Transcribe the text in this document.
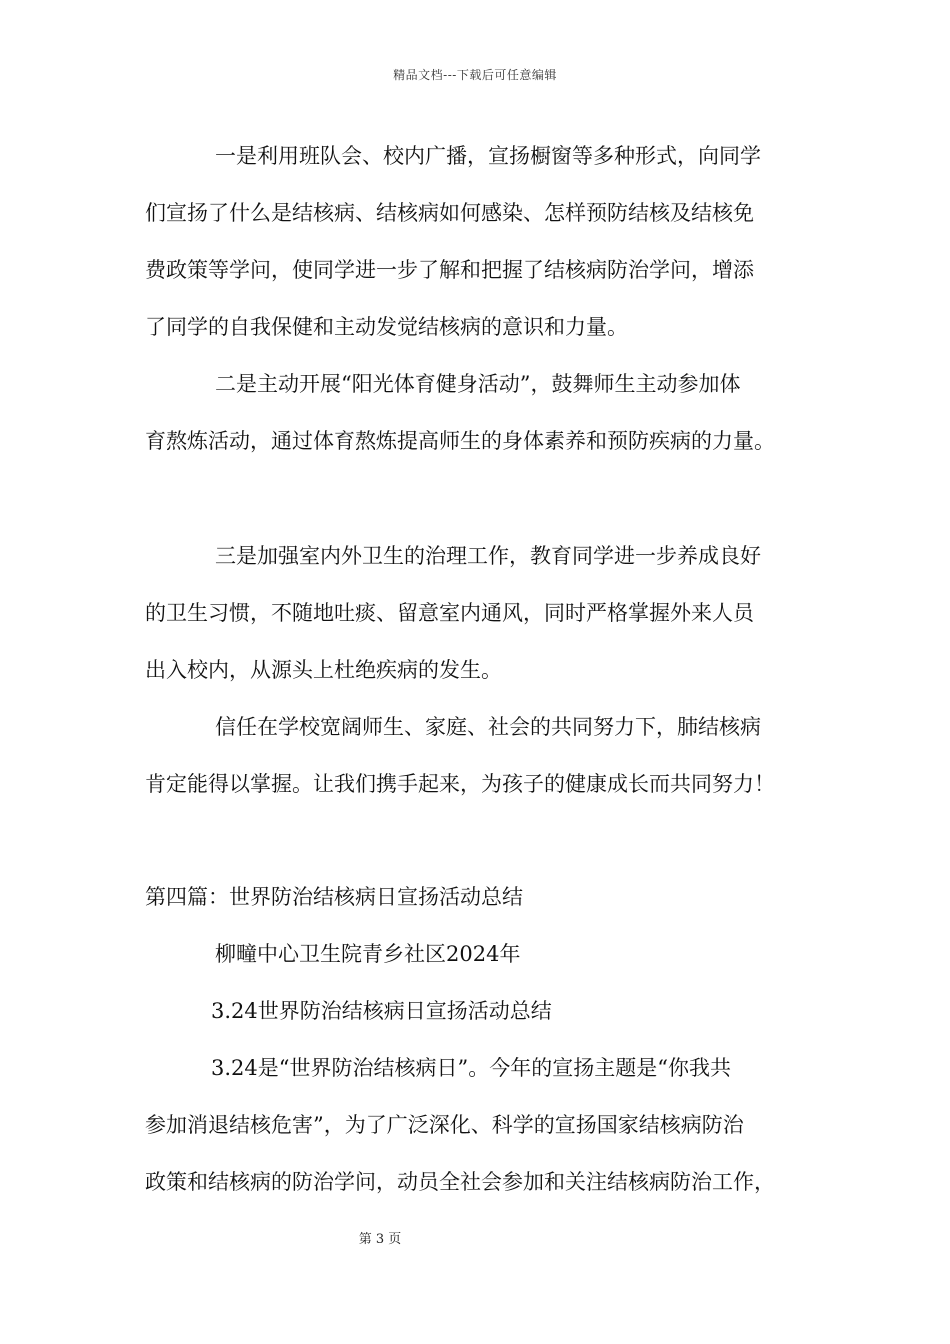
精品文档---下载后可任意编辑
一是利用班队会、校内广播，宣扬橱窗等多种形式，向同学
们宣扬了什么是结核病、结核病如何感染、怎样预防结核及结核免
费政策等学问，使同学进一步了解和把握了结核病防治学问，增添
了同学的自我保健和主动发觉结核病的意识和力量。
二是主动开展“阳光体育健身活动”，鼓舞师生主动参加体
育熬炼活动，通过体育熬炼提高师生的身体素养和预防疾病的力量。
三是加强室内外卫生的治理工作，教育同学进一步养成良好
的卫生习惯，不随地吐痰、留意室内通风，同时严格掌握外来人员
出入校内，从源头上杜绝疾病的发生。
信任在学校宽阔师生、家庭、社会的共同努力下，肺结核病
肯定能得以掌握。让我们携手起来，为孩子的健康成长而共同努力！
第四篇：世界防治结核病日宣扬活动总结
柳疃中心卫生院青乡社区2024年
3.24世界防治结核病日宣扬活动总结
3.24是“世界防治结核病日”。今年的宣扬主题是“你我共
参加消退结核危害”，为了广泛深化、科学的宣扬国家结核病防治
政策和结核病的防治学问，动员全社会参加和关注结核病防治工作，
第 3 页
